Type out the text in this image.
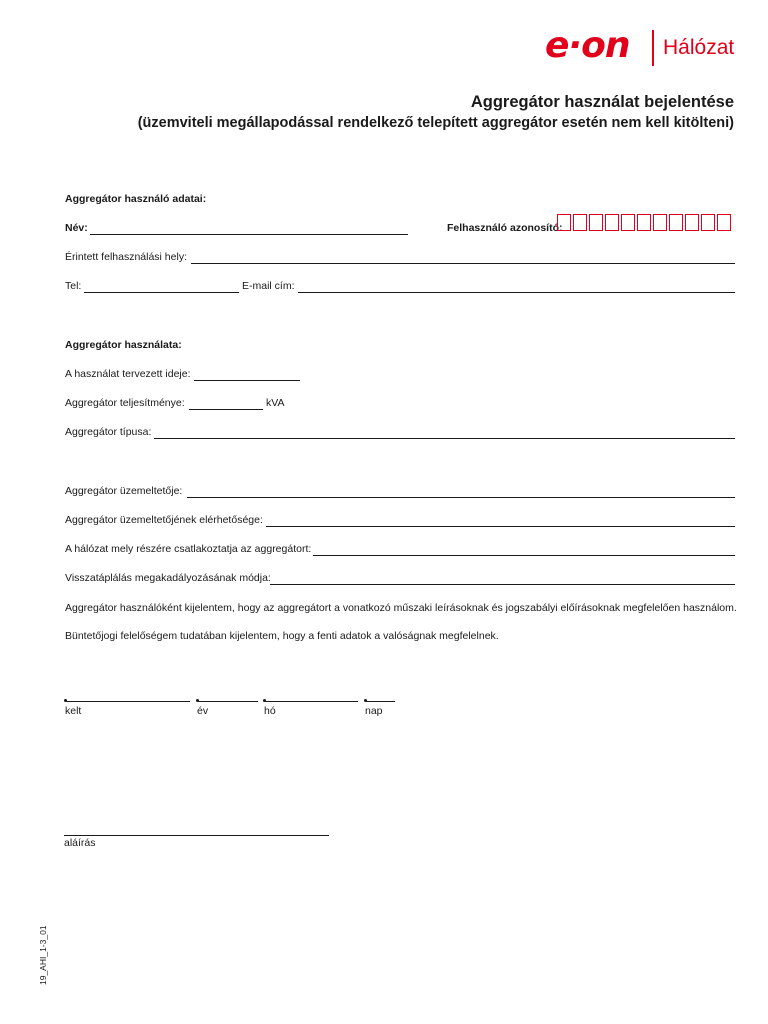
e·on Hálózat
Aggregátor használat bejelentése
(üzemviteli megállapodással rendelkező telepített aggregátor esetén nem kell kitölteni)
Aggregátor használó adatai:
Név:	Felhasználó azonosító:
Érintett felhasználási hely:
Tel:	E-mail cím:
Aggregátor használata:
A használat tervezett ideje:
Aggregátor teljesítménye:	kVA
Aggregátor típusa:
Aggregátor üzemeltetője:
Aggregátor üzemeltetőjének elérhetősége:
A hálózat mely részére csatlakoztatja az aggregátort:
Visszatáplálás megakadályozásának módja:
Aggregátor használóként kijelentem, hogy az aggregátort a vonatkozó műszaki leírásoknak és jogszabályi előírásoknak megfelelően használom.
Büntetőjogi felelőségem tudatában kijelentem, hogy a fenti adatok a valóságnak megfelelnek.
kelt	év	hó	nap
aláírás
19_AHI_1-3_01
